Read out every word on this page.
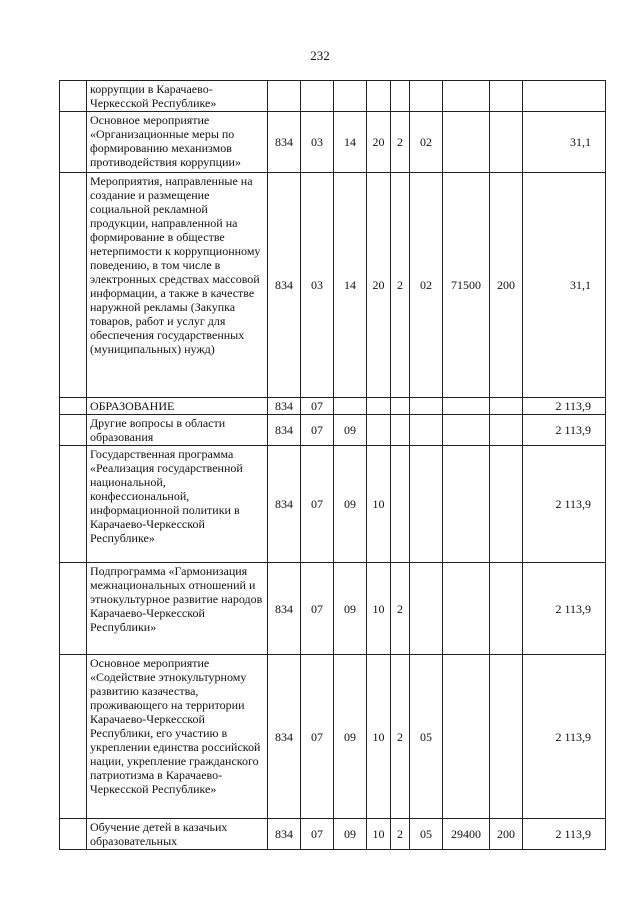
232
	коррупции в Карачаево-Черкесской Республике»									
	Основное мероприятие «Организационные меры по формированию механизмов противодействия коррупции»	834	03	14	20	2	02			31,1
	Мероприятия, направленные на создание и размещение социальной рекламной продукции, направленной на формирование в обществе нетерпимости к коррупционному поведению, в том числе в электронных средствах массовой информации, а также в качестве наружной рекламы (Закупка товаров, работ и услуг для обеспечения государственных (муниципальных) нужд)	834	03	14	20	2	02	71500	200	31,1
	ОБРАЗОВАНИЕ	834	07							2 113,9
	Другие вопросы в области образования	834	07	09						2 113,9
	Государственная программа «Реализация государственной национальной, конфессиональной, информационной политики в Карачаево-Черкесской Республике»	834	07	09	10					2 113,9
	Подпрограмма «Гармонизация межнациональных отношений и этнокультурное развитие народов Карачаево-Черкесской Республики»	834	07	09	10	2				2 113,9
	Основное мероприятие «Содействие этнокультурному развитию казачества, проживающего на территории Карачаево-Черкесской Республики, его участию в укреплении единства российской нации, укрепление гражданского патриотизма в Карачаево-Черкесской Республике»	834	07	09	10	2	05			2 113,9
	Обучение детей в казачьих образовательных	834	07	09	10	2	05	29400	200	2 113,9
